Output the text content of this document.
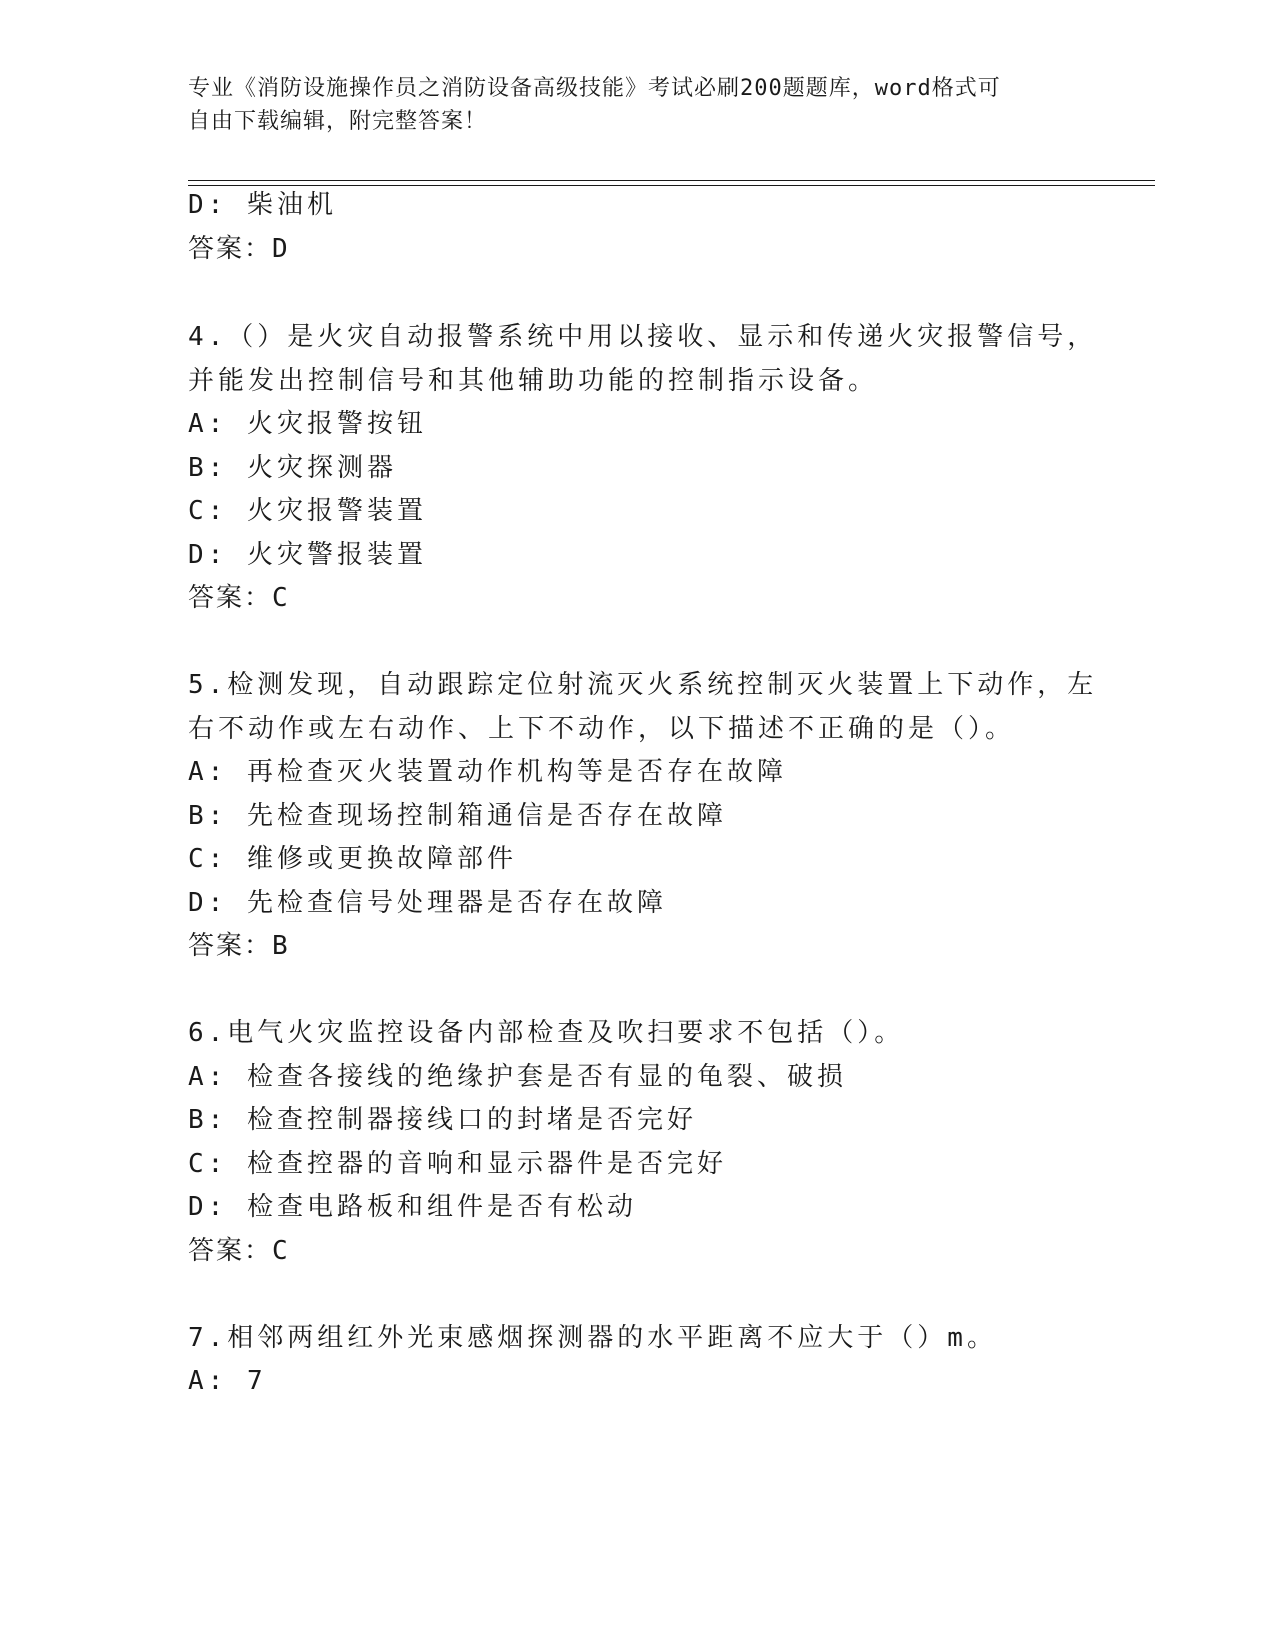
专业《消防设施操作员之消防设备高级技能》考试必刷200题题库，word格式可
自由下载编辑，附完整答案！
D: 柴油机
答案：D
4.（）是火灾自动报警系统中用以接收、显示和传递火灾报警信号，
并能发出控制信号和其他辅助功能的控制指示设备。
A: 火灾报警按钮
B: 火灾探测器
C: 火灾报警装置
D: 火灾警报装置
答案：C
5.检测发现，自动跟踪定位射流灭火系统控制灭火装置上下动作，左
右不动作或左右动作、上下不动作，以下描述不正确的是（）。
A: 再检查灭火装置动作机构等是否存在故障
B: 先检查现场控制箱通信是否存在故障
C: 维修或更换故障部件
D: 先检查信号处理器是否存在故障
答案：B
6.电气火灾监控设备内部检查及吹扫要求不包括（）。
A: 检查各接线的绝缘护套是否有显的龟裂、破损
B: 检查控制器接线口的封堵是否完好
C: 检查控器的音响和显示器件是否完好
D: 检查电路板和组件是否有松动
答案：C
7.相邻两组红外光束感烟探测器的水平距离不应大于（）m。
A: 7
